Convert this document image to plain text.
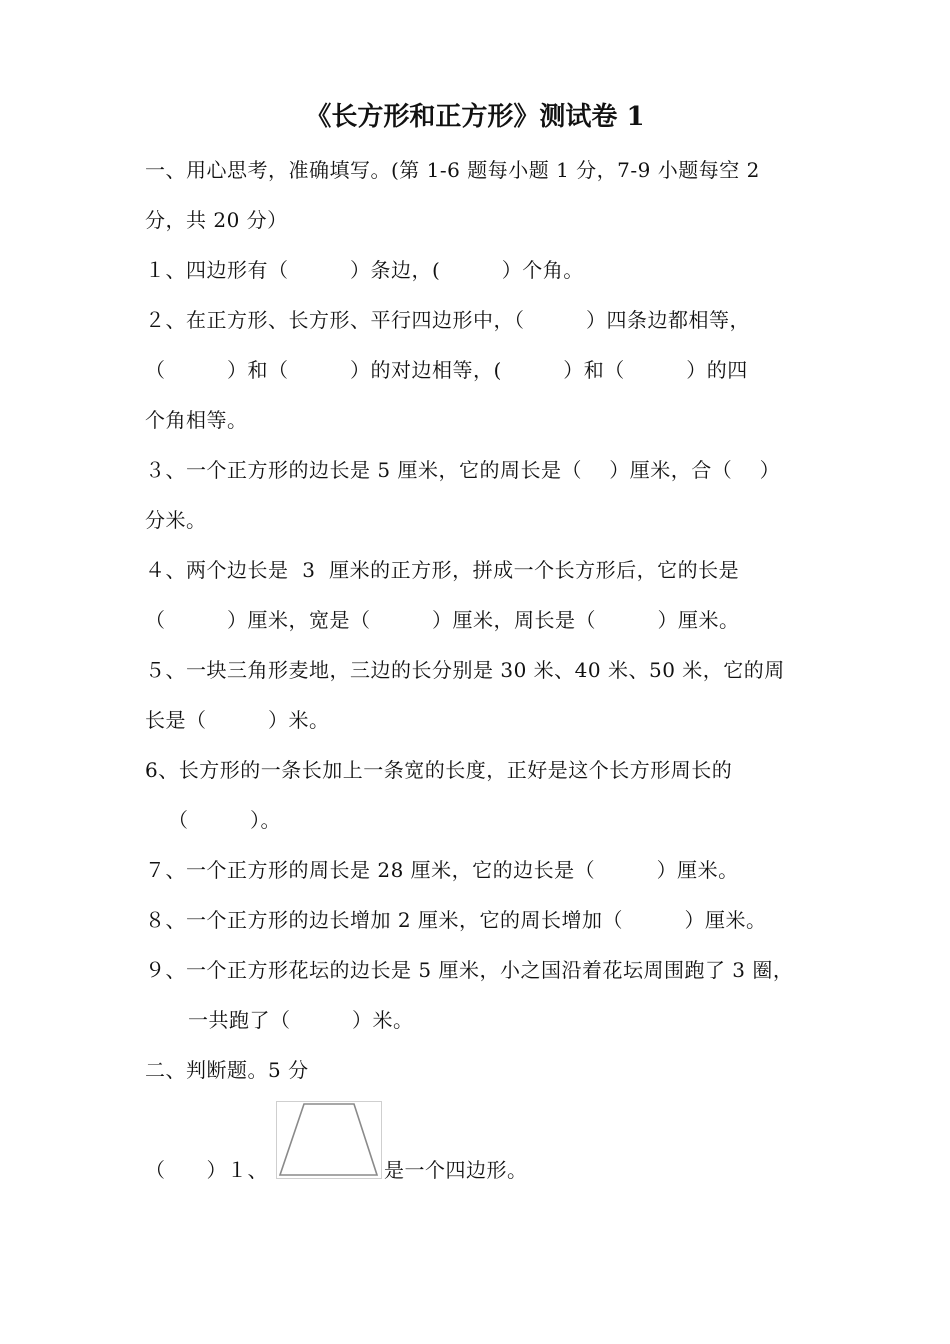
《长方形和正方形》测试卷 1
一、用心思考，准确填写。(第 1-6 题每小题 1 分，7-9 小题每空 2
分，共 20 分）
１、四边形有（　　　）条边，(　　　）个角。
２、在正方形、长方形、平行四边形中，（　　　）四条边都相等，
（　　　）和（　　　）的对边相等，(　　　）和（　　　）的四
个角相等。
３、一个正方形的边长是 5 厘米，它的周长是（　 ）厘米，合（　 ）
分米。
４、两个边长是  3  厘米的正方形，拼成一个长方形后，它的长是
（　　　）厘米，宽是（　　　）厘米，周长是（　　　）厘米。
５、一块三角形麦地，三边的长分别是 30 米、40 米、50 米，它的周
长是（　　　）米。
6、长方形的一条长加上一条宽的长度，正好是这个长方形周长的
（　　　）。
７、一个正方形的周长是 28 厘米，它的边长是（　　　）厘米。
８、一个正方形的边长增加 2 厘米，它的周长增加（　　　）厘米。
９、一个正方形花坛的边长是 5 厘米，小之国沿着花坛周围跑了 3 圈，
一共跑了（　　　）米。
二、判断题。5 分
（　　）１、	是一个四边形。
